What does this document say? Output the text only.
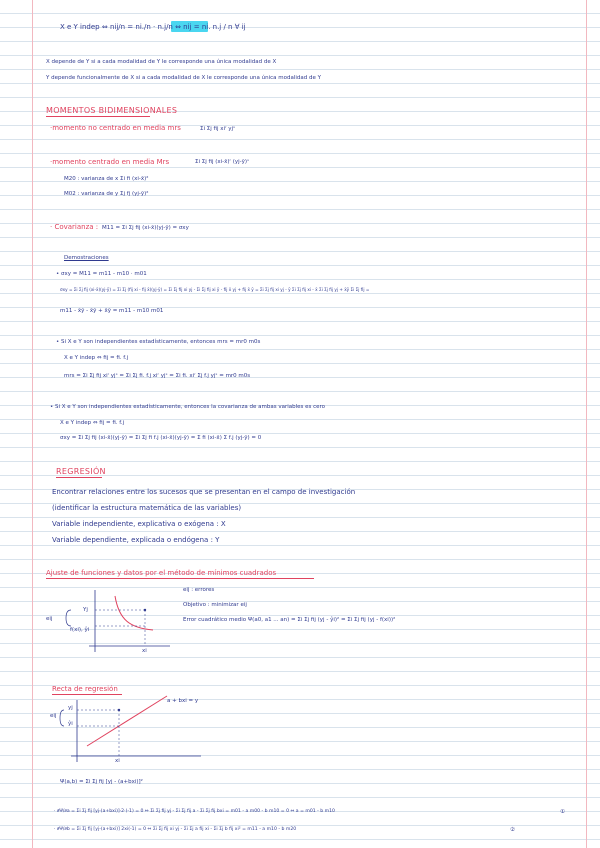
X e Y indep ⇔ nij/n = ni./n · n.j/n ⇔ nij = ni. n.j / n ∀ ij
X depende de Y si a cada modalidad de Y le corresponde una única modalidad de X
Y depende funcionalmente de X si a cada modalidad de X le corresponde una única modalidad de Y
MOMENTOS BIDIMENSIONALES
·momento no centrado en media mrs	Σi Σj fij xiʳ yjˢ
·momento centrado en media Mrs	Σi Σj fij (xi-x̄)ʳ (yj-ȳ)ˢ
M20 : varianza de x Σi fi (xi-x̄)²
M02 : varianza de y Σj fj (yj-ȳ)²
· Covarianza : M11 = Σi Σj fij (xi-x̄)(yj-ȳ) = σxy
Demostraciones
• σxy = M11 = m11 - m10 · m01
σxy = Σi Σj fij (xi-x̄)(yj-ȳ) = Σi Σj (fij xi - fij x̄)(yj-ȳ) = Σi Σj fij xi yj - Σi Σj fij xi ȳ - fij x̄ yj + fij x̄ ȳ = Σi Σj fij xi yj - ȳ Σi Σj fij xi - x̄ Σi Σj fij yj + x̄ȳ Σi Σj fij =
m11 - x̄ȳ - x̄ȳ + x̄ȳ = m11 - m10 m01
• Si X e Y son independientes estadísticamente, entonces mrs = mr0 m0s
X e Y indep ⇔ fij = fi. f.j
mrs = Σi Σj fij xiʳ yjˢ = Σi Σj fi. f.j xiʳ yjˢ = Σi fi. xiʳ Σj f.j yjˢ = mr0 m0s
• Si X e Y son independientes estadísticamente, entonces la covarianza de ambas variables es cero
X e Y indep ⇔ fij = fi. f.j
σxy = Σi Σj fij (xi-x̄)(yj-ȳ) = Σi Σj fi f.j (xi-x̄)(yj-ȳ) = Σ fi (xi-x̄) Σ f.j (yj-ȳ) = 0
REGRESIÓN
Encontrar relaciones entre los sucesos que se presentan en el campo de investigación
(identificar la estructura matemática de las variables)
Variable independiente, explicativa o exógena : X
Variable dependiente, explicada o endógena : Y
Ajuste de funciones y datos por el método de mínimos cuadrados
Yj
eij
f(xi), ŷi
xi
eij : errores
Objetivo : minimizar eij
Error cuadrático medio Ψ(a0, a1 ... an) = Σi Σj fij (yj - ŷi)² = Σi Σj fij (yj - f(xi))²
Recta de regresión
a + bxi = y
eij
yj
ŷi
xi
Ψ(a,b) = Σi Σj fij [yj - (a+bxi)]²
· ∂Ψ/∂a = Σi Σj fij [yj-(a+bxi)]·2·(-1) = 0 ⇔ Σi Σj fij yj - Σi Σj fij a - Σi Σj fij bxi = m01 - a m00 - b m10 = 0 ⇔ a = m01 - b m10	①
· ∂Ψ/∂b = Σi Σj fij [yj-(a+bxi)] 2xi(-1) = 0 ⇔ Σi Σj fij xi yj - Σi Σj a fij xi - Σi Σj b fij xi² = m11 - a m10 - b m20	②
